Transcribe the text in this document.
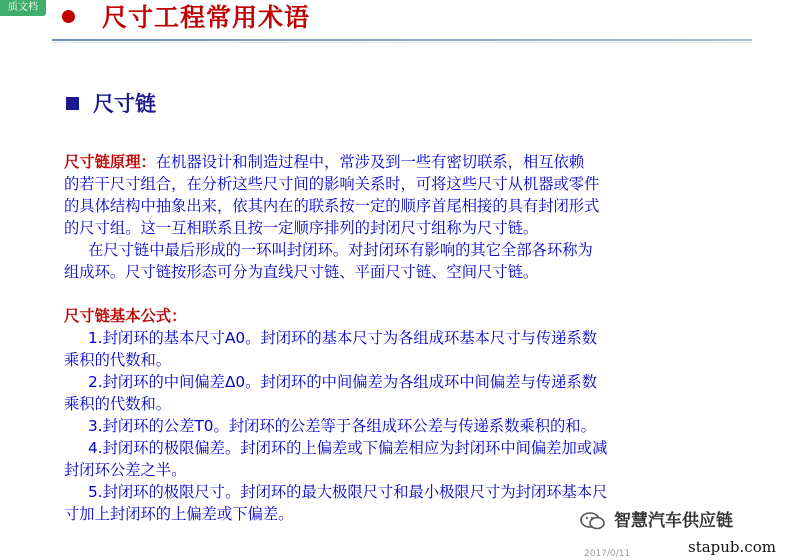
质文档	尺寸工程常用术语
尺寸链
尺寸链原理：在机器设计和制造过程中，常涉及到一些有密切联系，相互依赖
的若干尺寸组合，在分析这些尺寸间的影响关系时，可将这些尺寸从机器或零件
的具体结构中抽象出来，依其内在的联系按一定的顺序首尾相接的具有封闭形式
的尺寸组。这一互相联系且按一定顺序排列的封闭尺寸组称为尺寸链。
在尺寸链中最后形成的一环叫封闭环。对封闭环有影响的其它全部各环称为
组成环。尺寸链按形态可分为直线尺寸链、平面尺寸链、空间尺寸链。
尺寸链基本公式：
1.封闭环的基本尺寸A0。封闭环的基本尺寸为各组成环基本尺寸与传递系数
乘积的代数和。
2.封闭环的中间偏差Δ0。封闭环的中间偏差为各组成环中间偏差与传递系数
乘积的代数和。
3.封闭环的公差T0。封闭环的公差等于各组成环公差与传递系数乘积的和。
4.封闭环的极限偏差。封闭环的上偏差或下偏差相应为封闭环中间偏差加或减
封闭环公差之半。
5.封闭环的极限尺寸。封闭环的最大极限尺寸和最小极限尺寸为封闭环基本尺
寸加上封闭环的上偏差或下偏差。	智慧汽车供应链
stapub.com
2017/0/11
